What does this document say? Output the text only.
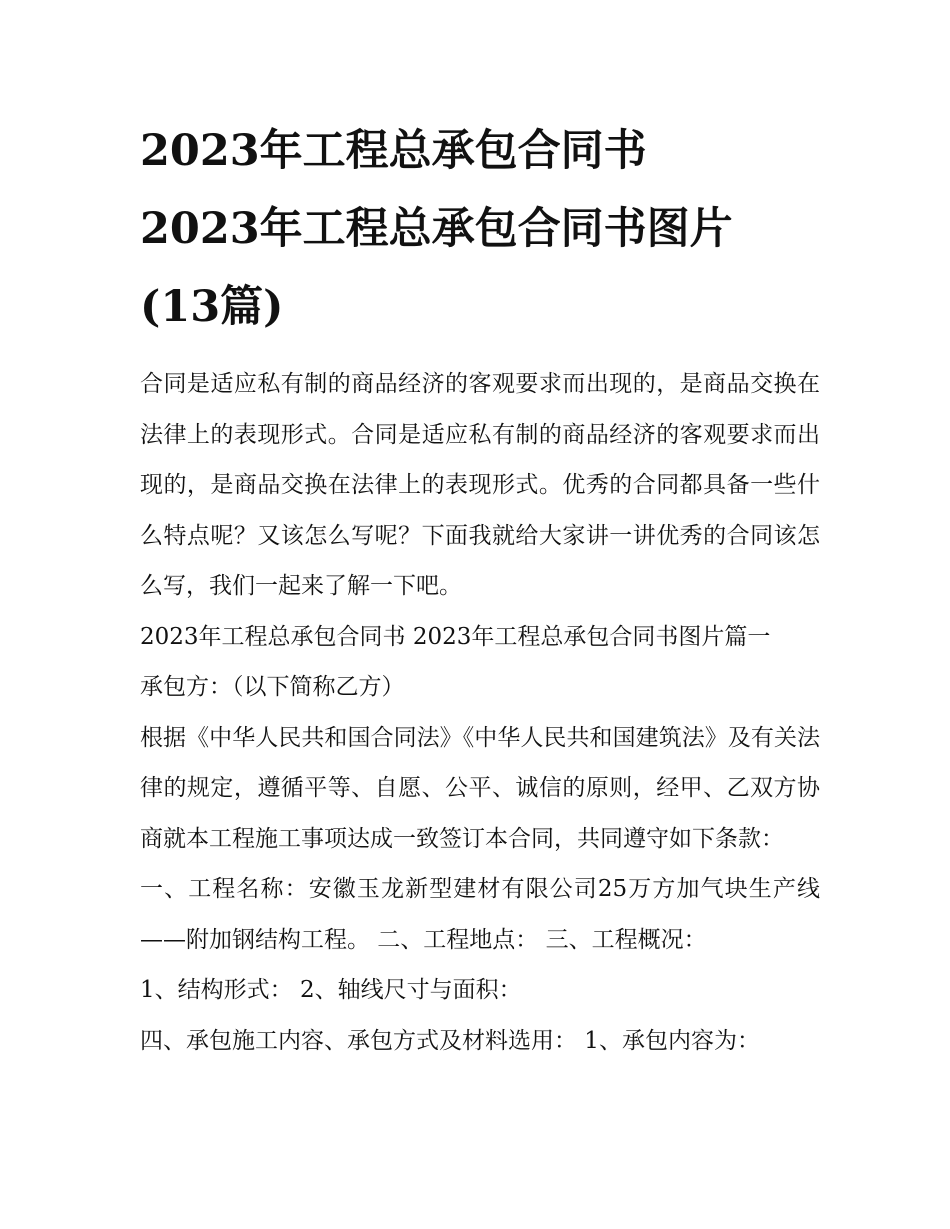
2023年工程总承包合同书
2023年工程总承包合同书图片
(13篇)

合同是适应私有制的商品经济的客观要求而出现的，是商品交换在法律上的表现形式。合同是适应私有制的商品经济的客观要求而出现的，是商品交换在法律上的表现形式。优秀的合同都具备一些什么特点呢？又该怎么写呢？下面我就给大家讲一讲优秀的合同该怎么写，我们一起来了解一下吧。

2023年工程总承包合同书 2023年工程总承包合同书图片篇一

承包方：（以下简称乙方）

根据《中华人民共和国合同法》《中华人民共和国建筑法》及有关法律的规定，遵循平等、自愿、公平、诚信的原则，经甲、乙双方协商就本工程施工事项达成一致签订本合同，共同遵守如下条款：

一、工程名称：安徽玉龙新型建材有限公司25万方加气块生产线——附加钢结构工程。 二、工程地点： 三、工程概况：

1、结构形式： 2、轴线尺寸与面积：

四、承包施工内容、承包方式及材料选用： 1、承包内容为：
